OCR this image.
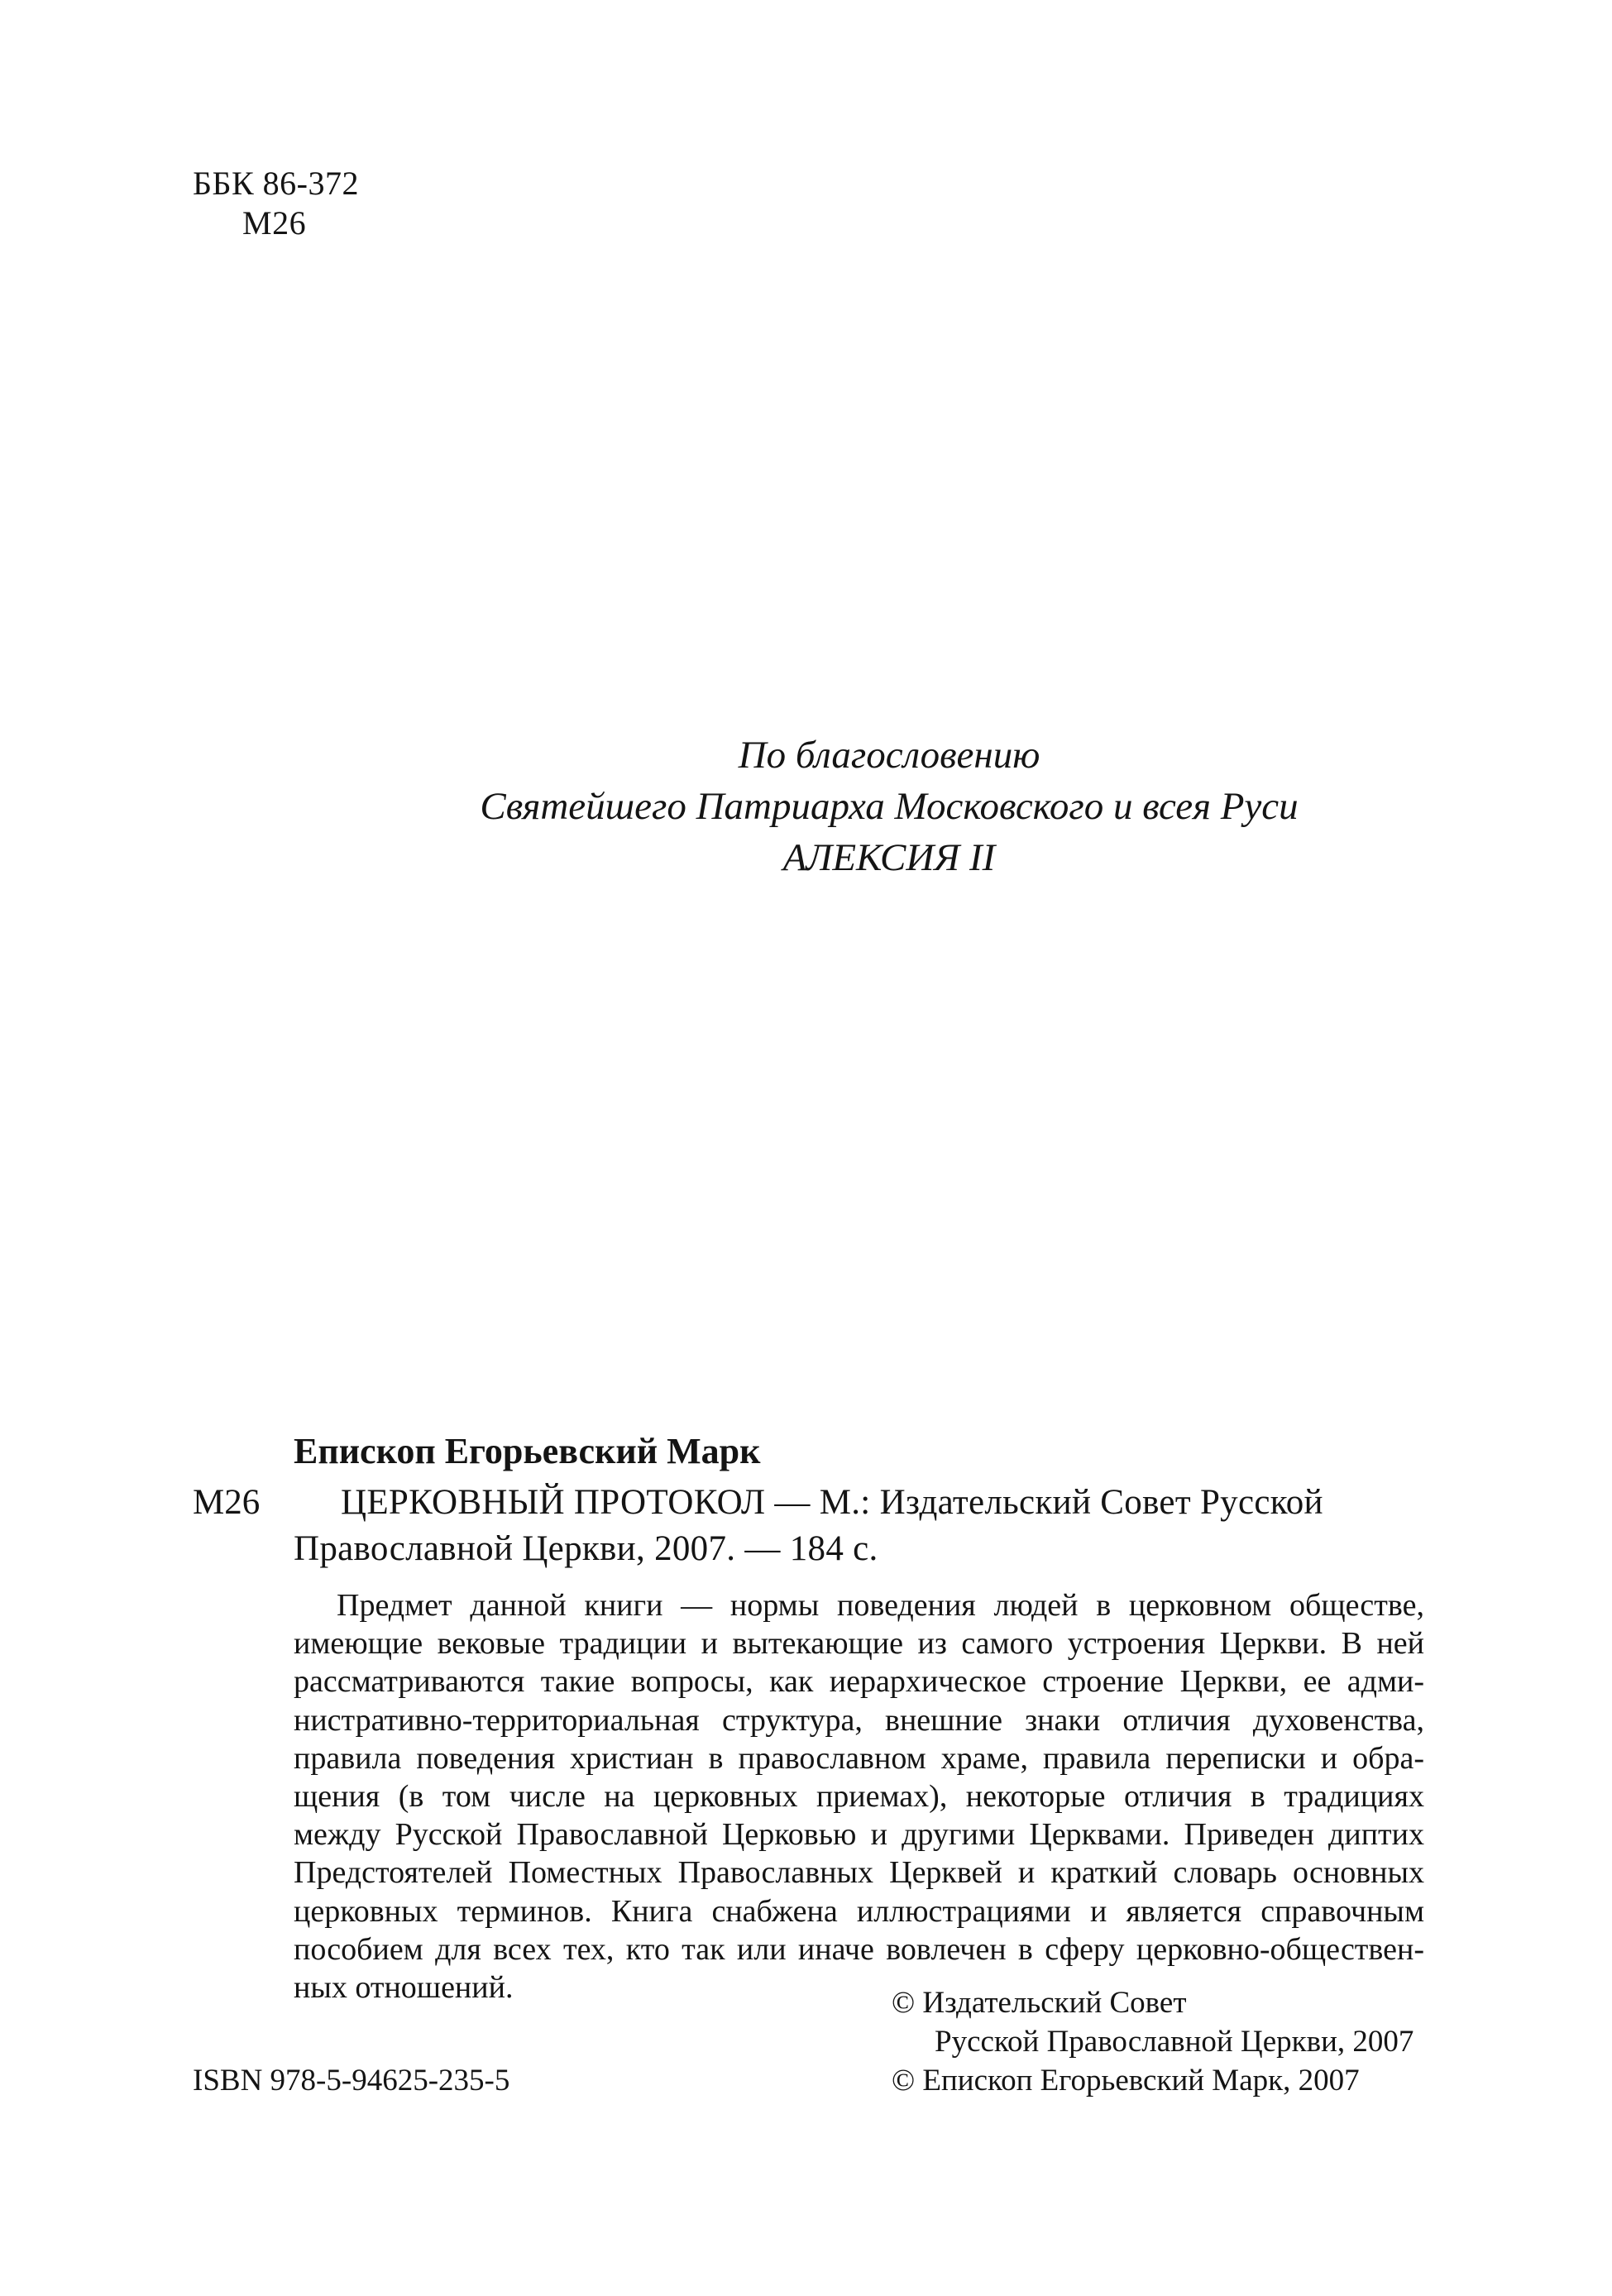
ББК 86-372
М26
По благословению
Святейшего Патриарха Московского и всея Руси
АЛЕКСИЯ II
Епископ Егорьевский Марк
М26 ЦЕРКОВНЫЙ ПРОТОКОЛ — М.: Издательский Совет Русской
Православной Церкви, 2007. — 184 с.
Предмет данной книги — нормы поведения людей в церковном обществе,
имеющие вековые традиции и вытекающие из самого устроения Церкви. В ней
рассматриваются такие вопросы, как иерархическое строение Церкви, ее адми-
нистративно-территориальная структура, внешние знаки отличия духовенства,
правила поведения христиан в православном храме, правила переписки и обра-
щения (в том числе на церковных приемах), некоторые отличия в традициях
между Русской Православной Церковью и другими Церквами. Приведен диптих
Предстоятелей Поместных Православных Церквей и краткий словарь основных
церковных терминов. Книга снабжена иллюстрациями и является справочным
пособием для всех тех, кто так или иначе вовлечен в сферу церковно-обществен-
ных отношений.	© Издательский Совет
Русской Православной Церкви, 2007
© Епископ Егорьевский Марк, 2007
ISBN 978-5-94625-235-5
